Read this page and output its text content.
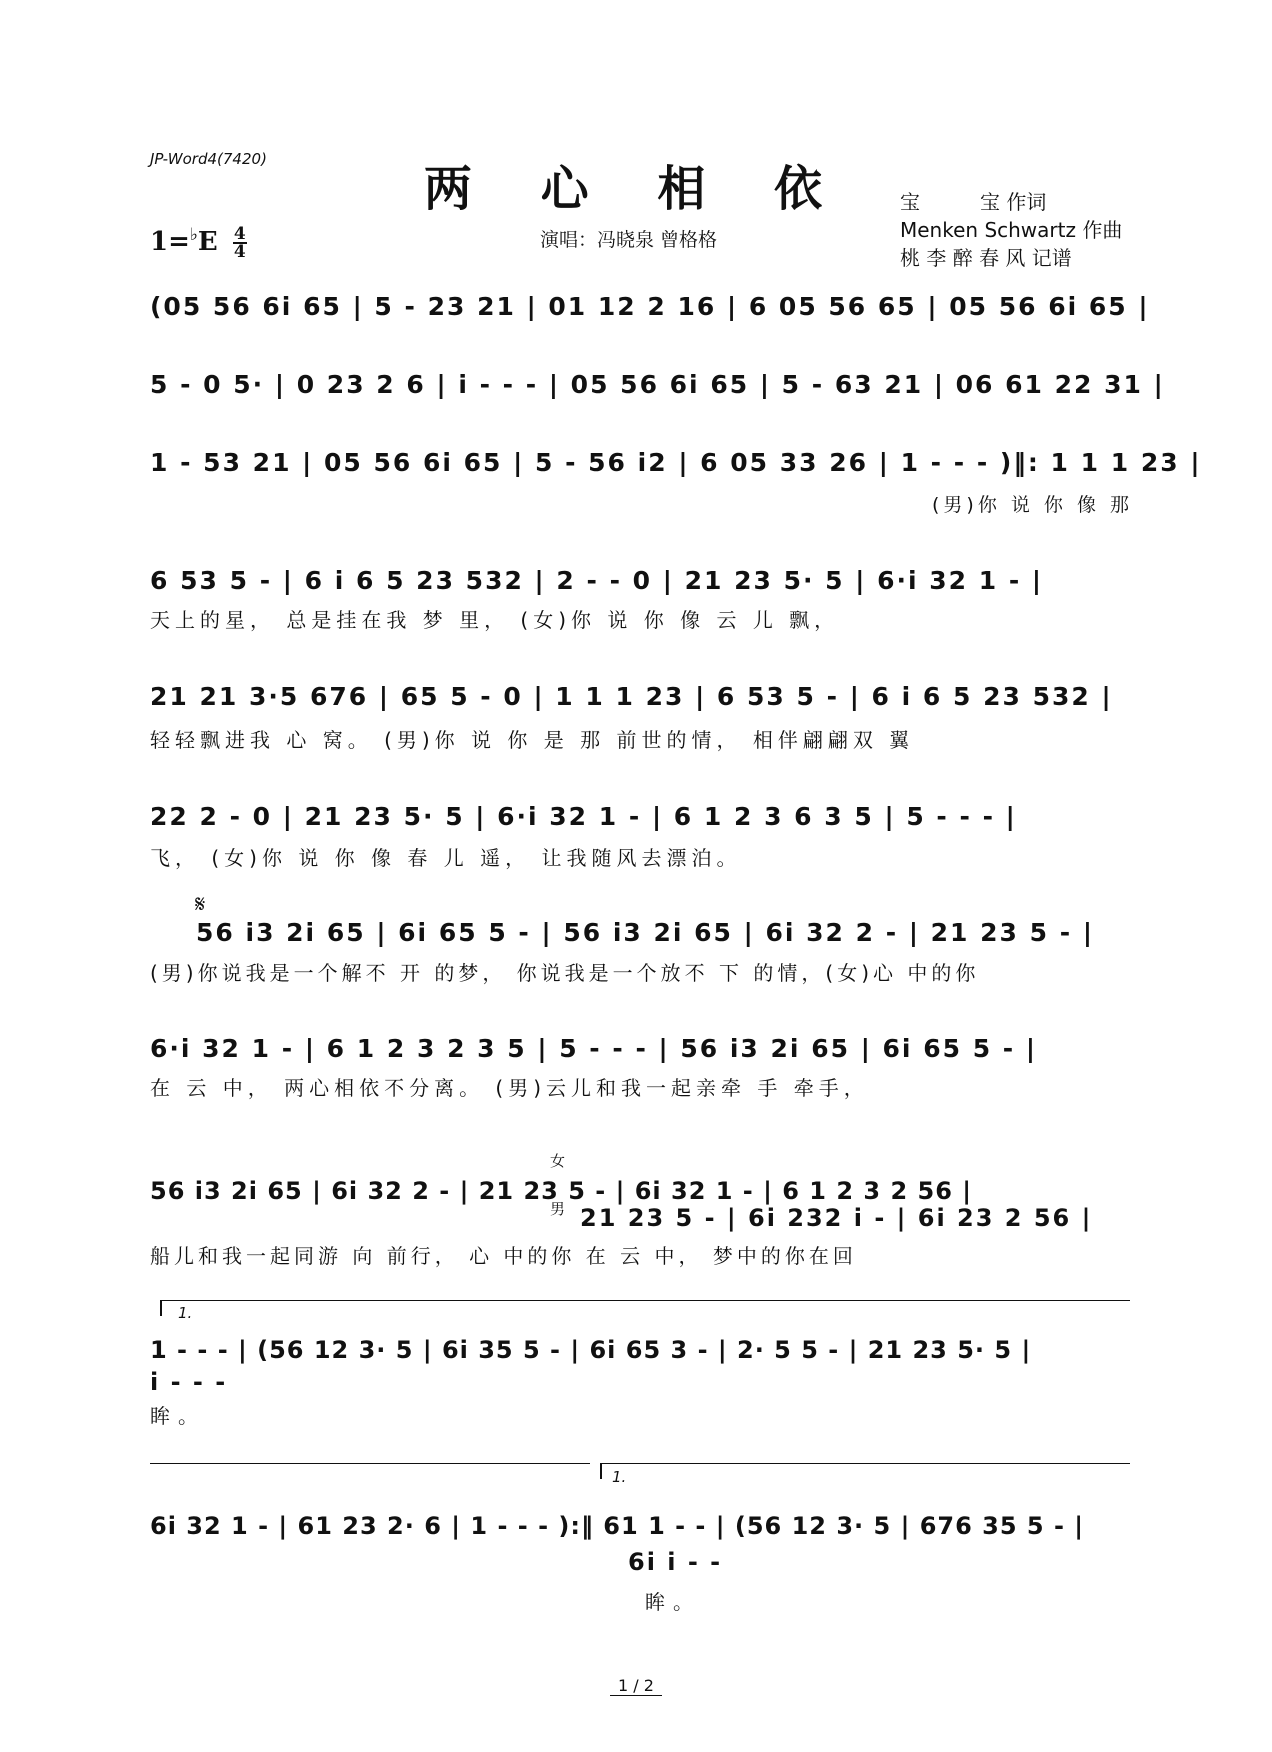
JP-Word4(7420)
两 心 相 依
演唱：冯晓泉 曾格格
宝　　　宝 作词
Menken Schwartz 作曲
桃 李 醉 春 风 记谱
$1=^♭E \frac{4}{4}$
(05 56 6i 65 | 5 - 23 21 | 01 12 2 16 | 6 05 56 65 | 05 56 6i 65 |
5 - 0 5· | 0 23 2 6 | i - - - | 05 56 6i 65 | 5 - 63 21 | 06 61 22 31 |
1 - 53 21 | 05 56 6i 65 | 5 - 56 i2 | 6 05 33 26 | 1 - - - )‖: 1 1 1 23 |
(男)你 说 你 像 那
6 53 5 - | 6 i 6 5 23 532 | 2 - - 0 | 21 23 5· 5 | 6·i 32 1 - |
天上的星， 总是挂在我 梦 里， (女)你 说 你 像 云 儿 飘，
21 21 3·5 676 | 65 5 - 0 | 1 1 1 23 | 6 53 5 - | 6 i 6 5 23 532 |
轻轻飘进我 心 窝。 (男)你 说 你 是 那 前世的情， 相伴翩翩双 翼
22 2 - 0 | 21 23 5· 5 | 6·i 32 1 - | 6 1 2 3 6 3 5 | 5 - - - |
飞， (女)你 说 你 像 春 儿 遥， 让我随风去漂泊。
𝄋
56 i3 2i 65 | 6i 65 5 - | 56 i3 2i 65 | 6i 32 2 - | 21 23 5 - |
(男)你说我是一个解不 开 的梦， 你说我是一个放不 下 的情，(女)心 中的你
6·i 32 1 - | 6 1 2 3 2 3 5 | 5 - - - | 56 i3 2i 65 | 6i 65 5 - |
在 云 中， 两心相依不分离。 (男)云儿和我一起亲牵 手 牵手，
56 i3 2i 65 | 6i 32 2 - | 21 23 5 - | 6i 32 1 - | 6 1 2 3 2 56 |
女
男 21 23 5 - | 6i 232 i - | 6i 23 2 56 |
船儿和我一起同游 向 前行， 心 中的你 在 云 中， 梦中的你在回
1.
1 - - - | (56 12 3· 5 | 6i 35 5 - | 6i 65 3 - | 2· 5 5 - | 21 23 5· 5 |
i - - -
眸。
1.
6i 32 1 - | 61 23 2· 6 | 1 - - - ):‖ 61 1 - - | (56 12 3· 5 | 676 35 5 - |
6i i - -
眸。
1 / 2
